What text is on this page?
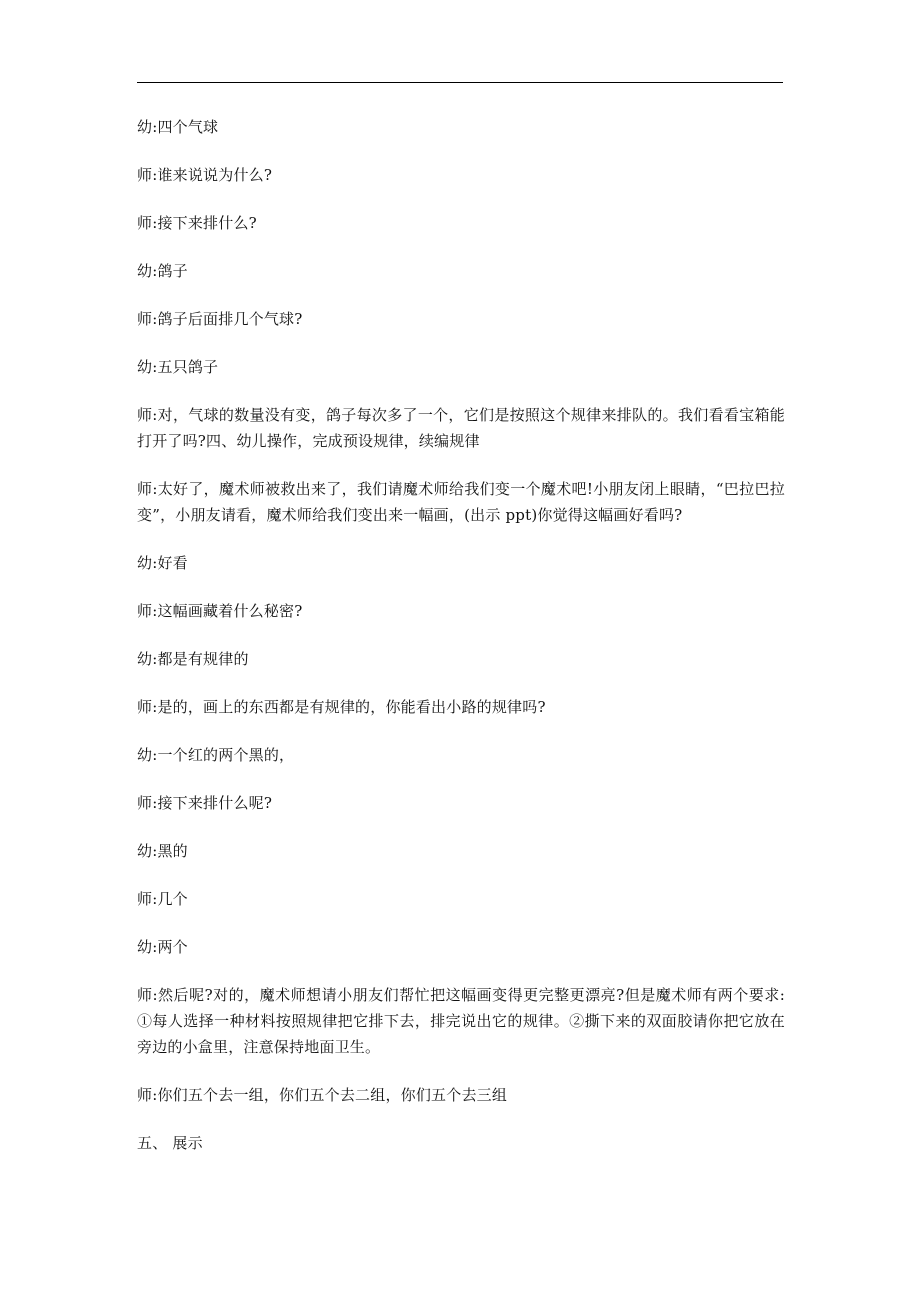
幼:四个气球

师:谁来说说为什么?

师:接下来排什么?

幼:鸽子

师:鸽子后面排几个气球?

幼:五只鸽子

师:对，气球的数量没有变，鸽子每次多了一个，它们是按照这个规律来排队的。我们看看宝箱能打开了吗?四、幼儿操作，完成预设规律，续编规律

师:太好了，魔术师被救出来了，我们请魔术师给我们变一个魔术吧!小朋友闭上眼睛，“巴拉巴拉变”，小朋友请看，魔术师给我们变出来一幅画，(出示 ppt)你觉得这幅画好看吗?

幼:好看

师:这幅画藏着什么秘密?

幼:都是有规律的

师:是的，画上的东西都是有规律的，你能看出小路的规律吗?

幼:一个红的两个黑的，

师:接下来排什么呢?

幼:黑的

师:几个

幼:两个

师:然后呢?对的，魔术师想请小朋友们帮忙把这幅画变得更完整更漂亮?但是魔术师有两个要求:①每人选择一种材料按照规律把它排下去，排完说出它的规律。②撕下来的双面胶请你把它放在旁边的小盒里，注意保持地面卫生。

师:你们五个去一组，你们五个去二组，你们五个去三组

五、 展示
